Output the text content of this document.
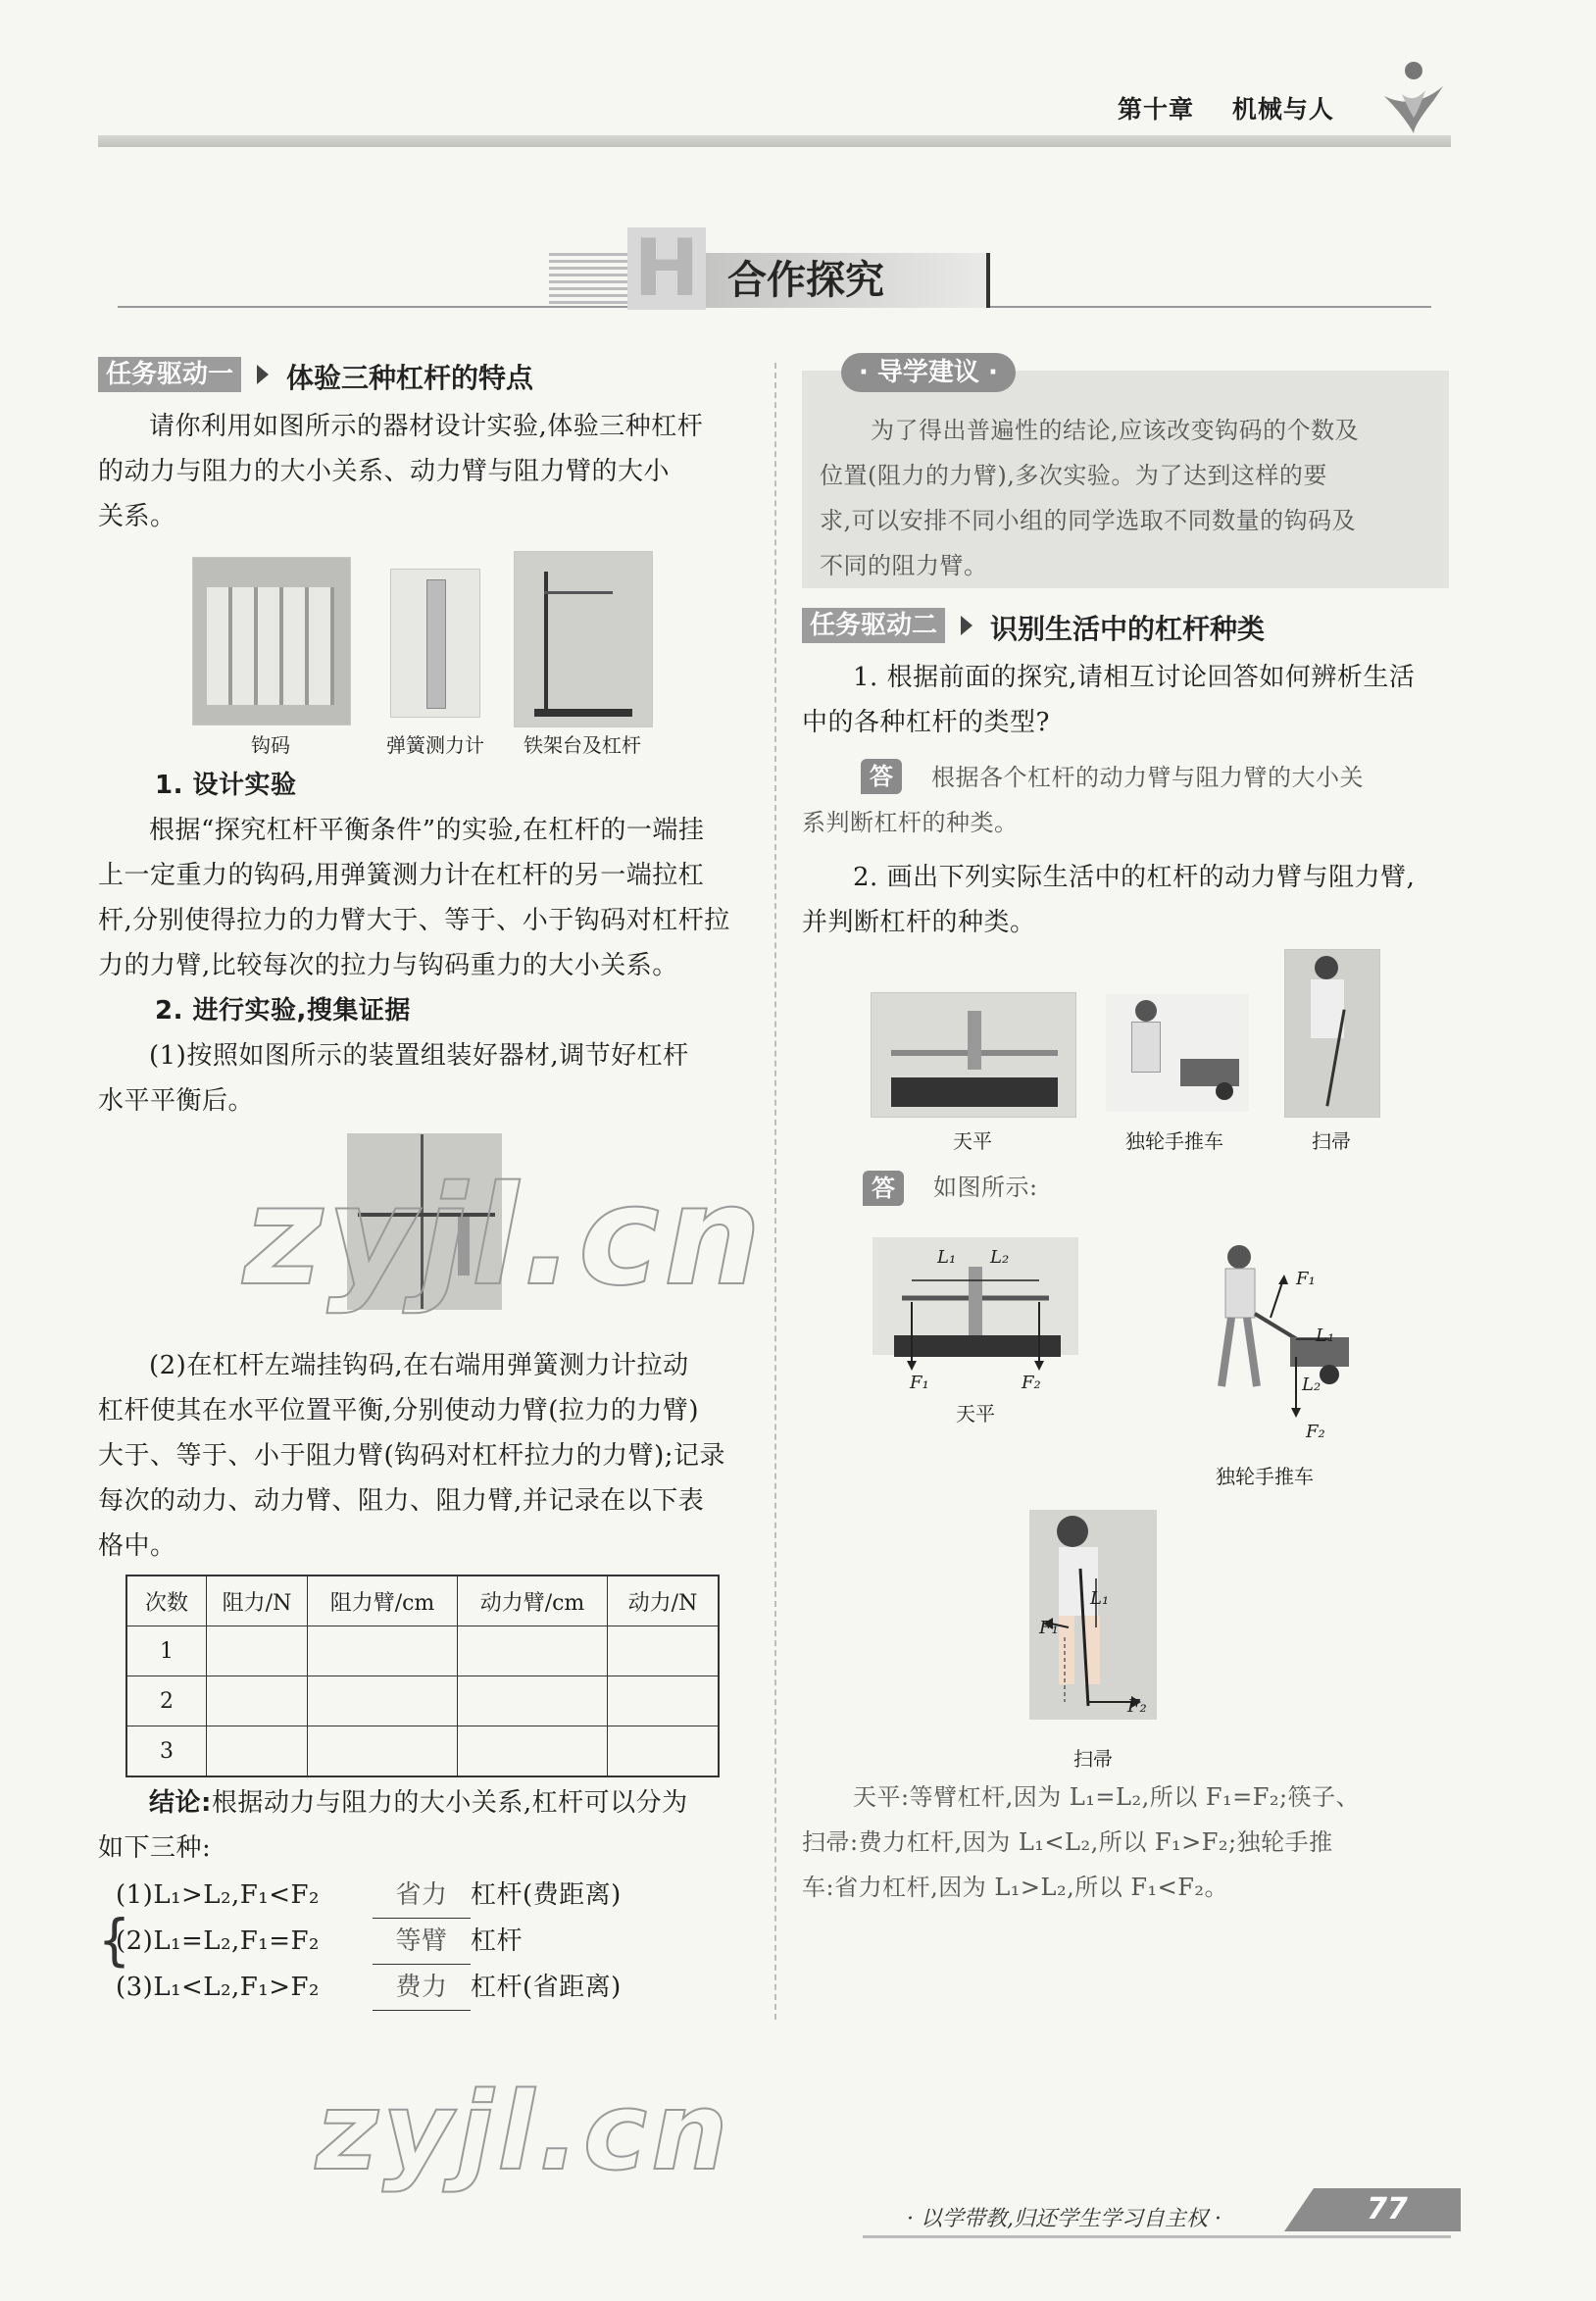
第十章 机械与人
H 合作探究
任务驱动一 体验三种杠杆的特点
请你利用如图所示的器材设计实验,体验三种杠杆
的动力与阻力的大小关系、动力臂与阻力臂的大小
关系。
钩码	弹簧测力计	铁架台及杠杆
1. 设计实验
根据“探究杠杆平衡条件”的实验,在杠杆的一端挂
上一定重力的钩码,用弹簧测力计在杠杆的另一端拉杠
杆,分别使得拉力的力臂大于、等于、小于钩码对杠杆拉
力的力臂,比较每次的拉力与钩码重力的大小关系。
2. 进行实验,搜集证据
(1)按照如图所示的装置组装好器材,调节好杠杆
水平平衡后。
(2)在杠杆左端挂钩码,在右端用弹簧测力计拉动
杠杆使其在水平位置平衡,分别使动力臂(拉力的力臂)
大于、等于、小于阻力臂(钩码对杠杆拉力的力臂);记录
每次的动力、动力臂、阻力、阻力臂,并记录在以下表
格中。
次数	阻力/N	阻力臂/cm	动力臂/cm	动力/N
1				
2				
3				
结论:根据动力与阻力的大小关系,杠杆可以分为
如下三种:
{
(1)L₁>L₂,F₁<F₂	省力 杠杆(费距离)
(2)L₁=L₂,F₁=F₂	等臂 杠杆
(3)L₁<L₂,F₁>F₂	费力 杠杆(省距离)
· 导学建议 ·
为了得出普遍性的结论,应该改变钩码的个数及
位置(阻力的力臂),多次实验。为了达到这样的要
求,可以安排不同小组的同学选取不同数量的钩码及
不同的阻力臂。
任务驱动二 识别生活中的杠杆种类
1. 根据前面的探究,请相互讨论回答如何辨析生活
中的各种杠杆的类型?
答	根据各个杠杆的动力臂与阻力臂的大小关
系判断杠杆的种类。
2. 画出下列实际生活中的杠杆的动力臂与阻力臂,
并判断杠杆的种类。
天平	独轮手推车	扫帚
答	如图所示:
L₁ L₂
F₁	F₂
天平
F₁
L₁
L₂
F₂
独轮手推车
L₁
F₁
F₂
扫帚
天平:等臂杠杆,因为 L₁=L₂,所以 F₁=F₂;筷子、
扫帚:费力杠杆,因为 L₁<L₂,所以 F₁>F₂;独轮手推
车:省力杠杆,因为 L₁>L₂,所以 F₁<F₂。
zyjl.cn
zyjl.cn
· 以学带教,归还学生学习自主权 ·	77
